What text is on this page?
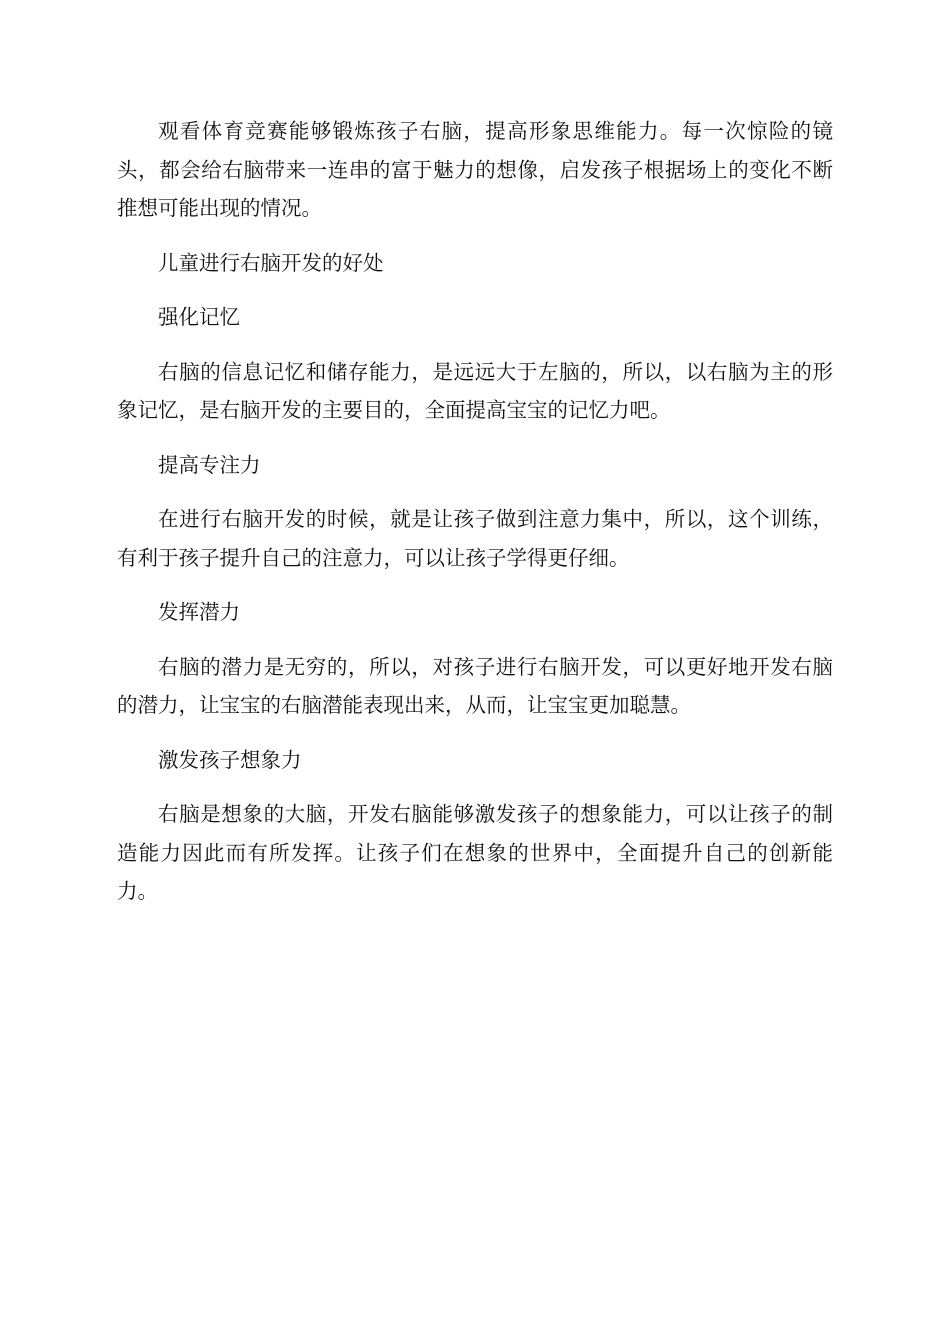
观看体育竞赛能够锻炼孩子右脑，提高形象思维能力。每一次惊险的镜头，都会给右脑带来一连串的富于魅力的想像，启发孩子根据场上的变化不断推想可能出现的情况。

儿童进行右脑开发的好处

强化记忆

右脑的信息记忆和储存能力，是远远大于左脑的，所以，以右脑为主的形象记忆，是右脑开发的主要目的，全面提高宝宝的记忆力吧。

提高专注力

在进行右脑开发的时候，就是让孩子做到注意力集中，所以，这个训练，有利于孩子提升自己的注意力，可以让孩子学得更仔细。

发挥潜力

右脑的潜力是无穷的，所以，对孩子进行右脑开发，可以更好地开发右脑的潜力，让宝宝的右脑潜能表现出来，从而，让宝宝更加聪慧。

激发孩子想象力

右脑是想象的大脑，开发右脑能够激发孩子的想象能力，可以让孩子的制造能力因此而有所发挥。让孩子们在想象的世界中，全面提升自己的创新能力。
